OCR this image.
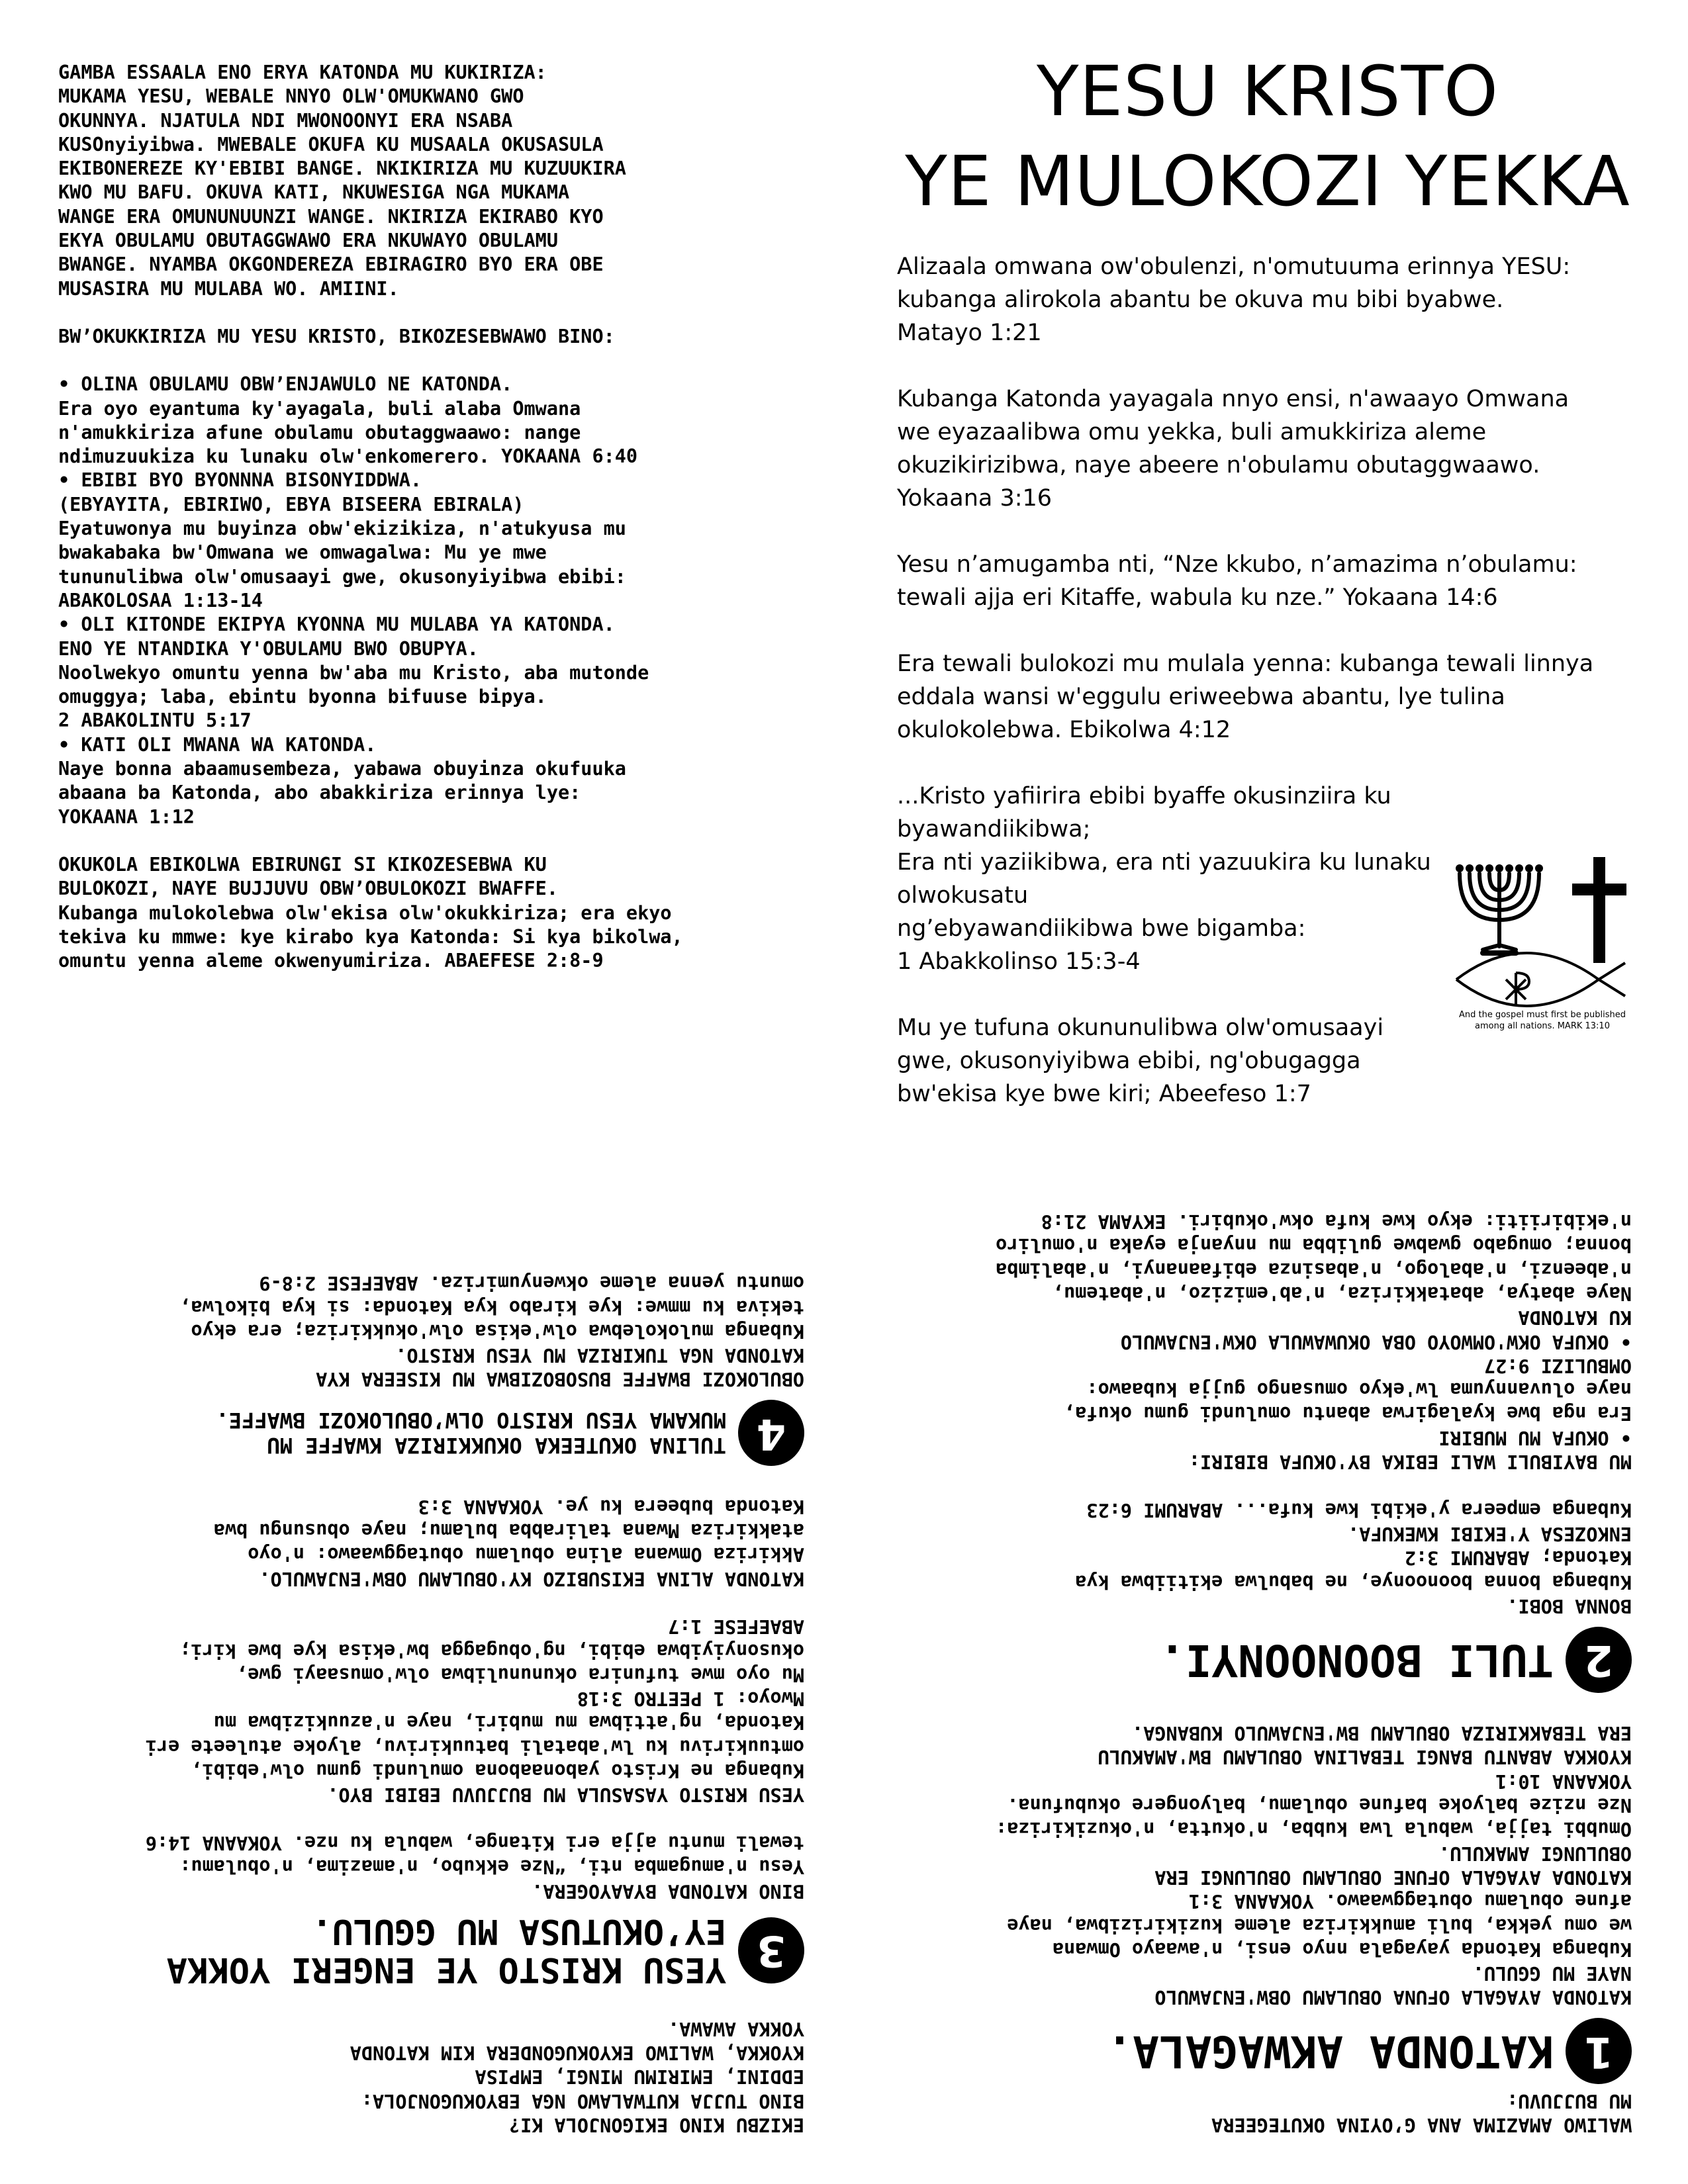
GAMBA ESSAALA ENO ERYA KATONDA MU KUKIRIZA:
MUKAMA YESU, WEBALE NNYO OLW'OMUKWANO GWO
OKUNNYA. NJATULA NDI MWONOONYI ERA NSABA
KUSOnyiyibwa. MWEBALE OKUFA KU MUSAALA OKUSASULA
EKIBONEREZE KY'EBIBI BANGE. NKIKIRIZA MU KUZUUKIRA
KWO MU BAFU. OKUVA KATI, NKUWESIGA NGA MUKAMA
WANGE ERA OMUNUNUUNZI WANGE. NKIRIZA EKIRABO KYO
EKYA OBULAMU OBUTAGGWAWO ERA NKUWAYO OBULAMU
BWANGE. NYAMBA OKGONDEREZA EBIRAGIRO BYO ERA OBE
MUSASIRA MU MULABA WO. AMIINI.

BW’OKUKKIRIZA MU YESU KRISTO, BIKOZESEBWAWO BINO:

• OLINA OBULAMU OBW’ENJAWULO NE KATONDA.
Era oyo eyantuma ky'ayagala, buli alaba Omwana
n'amukkiriza afune obulamu obutaggwaawo: nange
ndimuzuukiza ku lunaku olw'enkomerero. YOKAANA 6:40
• EBIBI BYO BYONNNA BISONYIDDWA.
(EBYAYITA, EBIRIWO, EBYA BISEERA EBIRALA)
Eyatuwonya mu buyinza obw'ekizikiza, n'atukyusa mu
bwakabaka bw'Omwana we omwagalwa: Mu ye mwe
tununulibwa olw'omusaayi gwe, okusonyiyibwa ebibi:
ABAKOLOSAA 1:13-14
• OLI KITONDE EKIPYA KYONNA MU MULABA YA KATONDA.
ENO YE NTANDIKA Y'OBULAMU BWO OBUPYA.
Noolwekyo omuntu yenna bw'aba mu Kristo, aba mutonde
omuggya; laba, ebintu byonna bifuuse bipya.
2 ABAKOLINTU 5:17
• KATI OLI MWANA WA KATONDA.
Naye bonna abaamusembeza, yabawa obuyinza okufuuka
abaana ba Katonda, abo abakkiriza erinnya lye:
YOKAANA 1:12

OKUKOLA EBIKOLWA EBIRUNGI SI KIKOZESEBWA KU
BULOKOZI, NAYE BUJJUVU OBW’OBULOKOZI BWAFFE.
Kubanga mulokolebwa olw'ekisa olw'okukkiriza; era ekyo
tekiva ku mmwe: kye kirabo kya Katonda: Si kya bikolwa,
omuntu yenna aleme okwenyumiriza. ABAEFESE 2:8-9

YESU KRISTO
YE MULOKOZI YEKKA

Alizaala omwana ow'obulenzi, n'omutuuma erinnya YESU:
kubanga alirokola abantu be okuva mu bibi byabwe.
Matayo 1:21

Kubanga Katonda yayagala nnyo ensi, n'awaayo Omwana
we eyazaalibwa omu yekka, buli amukkiriza aleme
okuzikirizibwa, naye abeere n'obulamu obutaggwaawo.
Yokaana 3:16

Yesu n’amugamba nti, “Nze kkubo, n’amazima n’obulamu:
tewali ajja eri Kitaffe, wabula ku nze.” Yokaana 14:6

Era tewali bulokozi mu mulala yenna: kubanga tewali linnya
eddala wansi w'eggulu eriweebwa abantu, lye tulina
okulokolebwa. Ebikolwa 4:12

...Kristo yafiirira ebibi byaffe okusinziira ku byawandiikibwa;
Era nti yaziikibwa, era nti yazuukira ku lunaku olwokusatu
ng’ebyawandiikibwa bwe bigamba:
1 Abakkolinso 15:3-4

Mu ye tufuna okununulibwa olw'omusaayi
gwe, okusonyiyibwa ebibi, ng'obugagga
bw'ekisa kye bwe kiri; Abeefeso 1:7

And the gospel must first be published
among all nations. MARK 13:10

EKIZBU KINO EKIGONJOLA KI?
BINO TUJJA KUTWALAWO NGA EBYOKUGONJOLA:
EDDINI, EMIRIMU MINGI, EMPISA
KYOKKA, WALIWO EKYOKUGONDERA KIM KATONDA
YOKKA AWAWA.

3
YESU KRISTO YE ENGERI YOKKA
EY’OKUTUSA MU GGULU.

BINO KATONDA BYAAYOGERA.
Yesu n'amugamba nti, “Nze ekkubo, n'amazima, n'obulamu:
tewali muntu ajja eri Kitange, wabula ku nze. YOKAANA 14:6

YESU KRISTO YASASULA MU BUJJUVU EBIBI BYO.
Kubanga ne Kristo yabonaabona omulundi gumu olw'ebibi,
omtuukirivu ku lw'abatali batuukirivu, alyoke atuleete eri
Katonda, ng'attibwa mu mubiri, naye n'azuukizibwa mu
Mwoyo: 1 PEETRO 3:18
Mu oyo mwe tufunira okununulibwa olw'omusaayi gwe,
okusonyiyibwa ebibi, ng'obugagga bw'ekisa kye bwe kiri;
ABAEFESE 1:7

KATONDA ALINA EKISUBIZO KY'OBULAMU OBW'ENJAWULO.
Akkiriza Omwana alina obulamu obutaggwaawo: n'oyo
atakkiriza Mwana talirabba bulamu; naye obusungu bwa
Katonda bubeera ku ye. YOKAANA 3:3

4
TULINA OKUTEEKA OKUKKIRIZA KWAFFE MU
MUKAMA YESU KRISTO OLW’OBULOKOZI BWAFFE.

OBULOKOZI BWAFFE BUSOBOZIBWA MU KISEERA KYA
KATONDA NGA TUKIRIZA MU YESU KRISTO.
Kubanga mulokolebwa olw'ekisa olw'okukkiriza; era ekyo
tekiva ku mmwe: kye kirabo kya Katonda: si kya bikolwa,
omuntu yenna aleme okwenyumiriza. ABAEFESE 2:8-9

WALIWO AMAZIMA ANA G’OYINA OKUTEGEERA
MU BUJJUVU:

1
KATONDA AKWAGALA.

KATONDA AYAGALA OFUNA OBULAMU OBW'ENJAWULO
NAYE MU GGULU.
Kubanga Katonda yayagala nnyo ensi, n'awaayo Omwana
we omu yekka, buli amukkiriza aleme kuzikirizibwa, naye
afune obulamu obutaggwaawo. YOKAANA 3:1
KATONDA AYAGALA OFUNE OBULAMU OBULUNGI ERA
OBULUNGI AMAKULU.
Omubbi tajja, wabula lwa kubba, n'okutta, n'okuzikiriza:
Nze nzize balyoke bafune obulamu, balyongere okubufuna.
YOKAANA 10:1
KYOKKA ABANTU BANGI TEBALINA OBULAMU BW'AMAKULU
ERA TEBAKKIRIZA OBULAMU BW'ENJAWULO KUBANGA.

2
TULI BOONOONYI.

BONNA BOBI.
Kubanga bonna boonoonye, ne babulwa ekitiibwa kya
Katonda; ABARUMI 3:2
ENKOZESA Y'EKIBI KWEKUFA.
Kubanga empeera y'ekibi kwe kufa... ABARUMI 6:23

MU BAYIBULI WALI EBIKA BY'OKUFA BIBIRI:
• OKUFA MU MUBIRI
Era nga bwe kyalagirwa abantu omulundi gumu okufa,
naye oluvannyuma lw'ekyo omusango gujja kubaawo:
OMBULIZI 9:27
• OKUFA OKW'OMWOYO OBA OKUWAWULA OKW'ENJAWULO
KU KATONDA
Naye abatya, abatakkiriza, n'ab'emizizo, n'abatemu,
n'abeenzi, n'abalogo, n'abasinza ebifaananyi, n'abalimba
bonna; omugabo gwabwe gulibba mu nnyanja eyaka n'omuliro
n'ekibiriiti: ekyo kwe kufa okw'okubiri. EKYAMA 21:8
